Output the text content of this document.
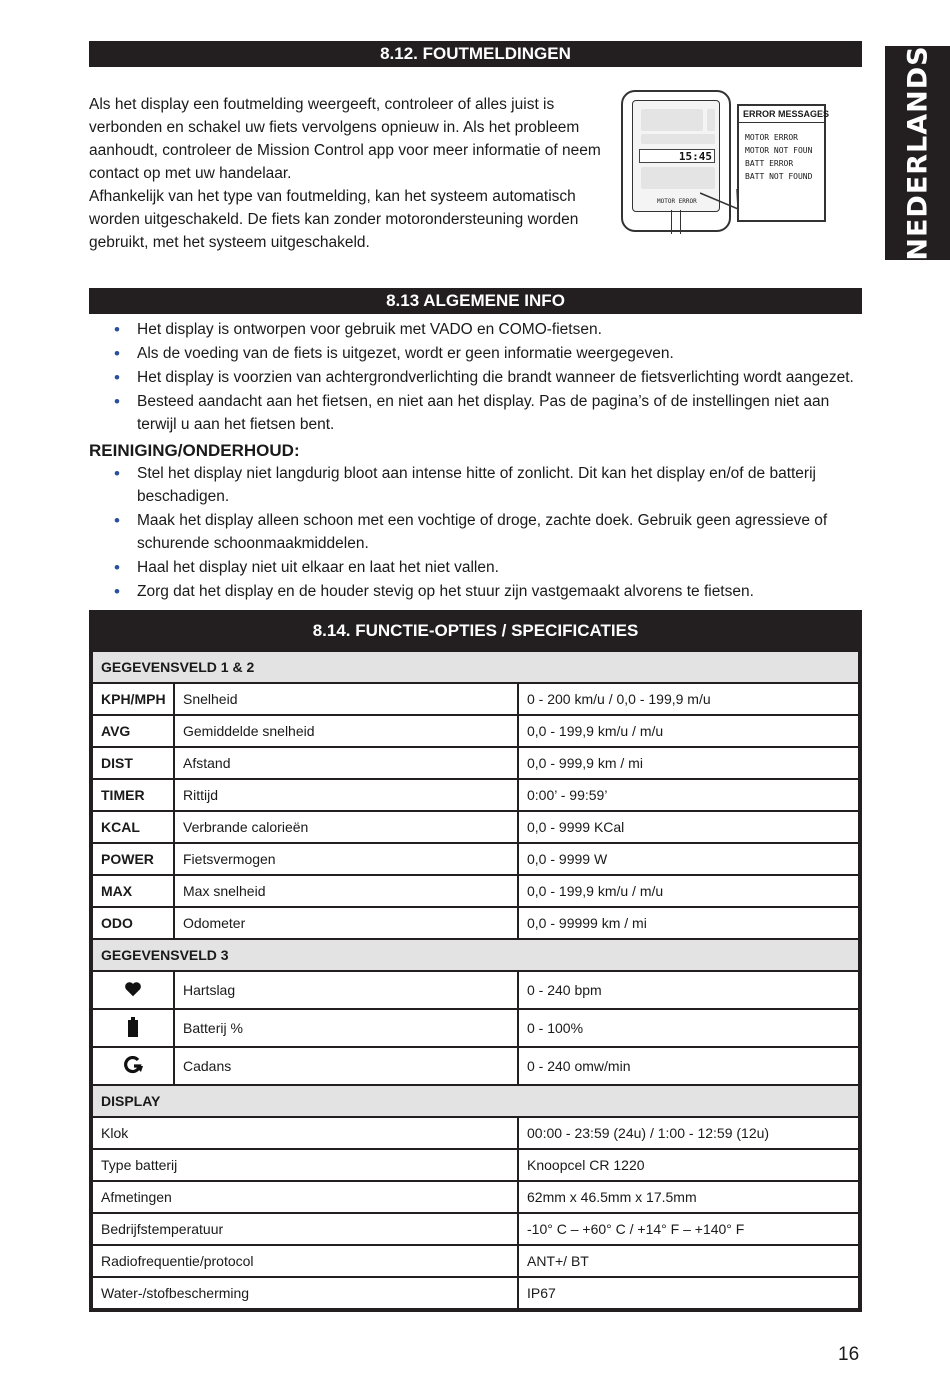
NEDERLANDS
8.12. FOUTMELDINGEN

Als het display een foutmelding weergeeft, controleer of alles juist is

verbonden en schakel uw fiets vervolgens opnieuw in. Als het probleem

aanhoudt, controleer de Mission Control app voor meer informatie of neem

contact op met uw handelaar.

Afhankelijk van het type van foutmelding, kan het systeem automatisch

worden uitgeschakeld. De fiets kan zonder motorondersteuning worden

gebruikt, met het systeem uitgeschakeld.

15:45
MOTOR ERROR
ERROR MESSAGES
MOTOR ERROR
MOTOR NOT FOUN
BATT ERROR
BATT NOT FOUND
8.13 ALGEMENE INFO
• Het display is ontworpen voor gebruik met VADO en COMO-fietsen.
• Als de voeding van de fiets is uitgezet, wordt er geen informatie weergegeven.
• Het display is voorzien van achtergrondverlichting die brandt wanneer de fietsverlichting wordt aangezet.
• Besteed aandacht aan het fietsen, en niet aan het display. Pas de pagina’s of de instellingen niet aan terwijl u aan het fietsen bent.
REINIGING/ONDERHOUD:
• Stel het display niet langdurig bloot aan intense hitte of zonlicht. Dit kan het display en/of de batterij beschadigen.
• Maak het display alleen schoon met een vochtige of droge, zachte doek. Gebruik geen agressieve of schurende schoonmaakmiddelen.
• Haal het display niet uit elkaar en laat het niet vallen.
• Zorg dat het display en de houder stevig op het stuur zijn vastgemaakt alvorens te fietsen.
8.14. FUNCTIE-OPTIES / SPECIFICATIES
GEGEVENSVELD 1 & 2		
KPH/MPH	Snelheid	0 - 200 km/u / 0,0 - 199,9 m/u
AVG	Gemiddelde snelheid	0,0 - 199,9 km/u / m/u
DIST	Afstand	0,0 - 999,9 km / mi
TIMER	Rittijd	0:00’ - 99:59’
KCAL	Verbrande calorieën	0,0 - 9999 KCal
POWER	Fietsvermogen	0,0 - 9999 W
MAX	Max snelheid	0,0 - 199,9 km/u / m/u
ODO	Odometer	0,0 - 99999 km / mi
GEGEVENSVELD 3		
	Hartslag	0 - 240 bpm
	Batterij %	0 - 100%
	Cadans	0 - 240 omw/min
DISPLAY		
Klok		00:00 - 23:59 (24u) / 1:00 - 12:59 (12u)
Type batterij		Knoopcel CR 1220
Afmetingen		62mm x 46.5mm x 17.5mm
Bedrijfstemperatuur		-10° C – +60° C / +14° F – +140° F
Radiofrequentie/protocol		ANT+/ BT
Water-/stofbescherming		IP67
16
